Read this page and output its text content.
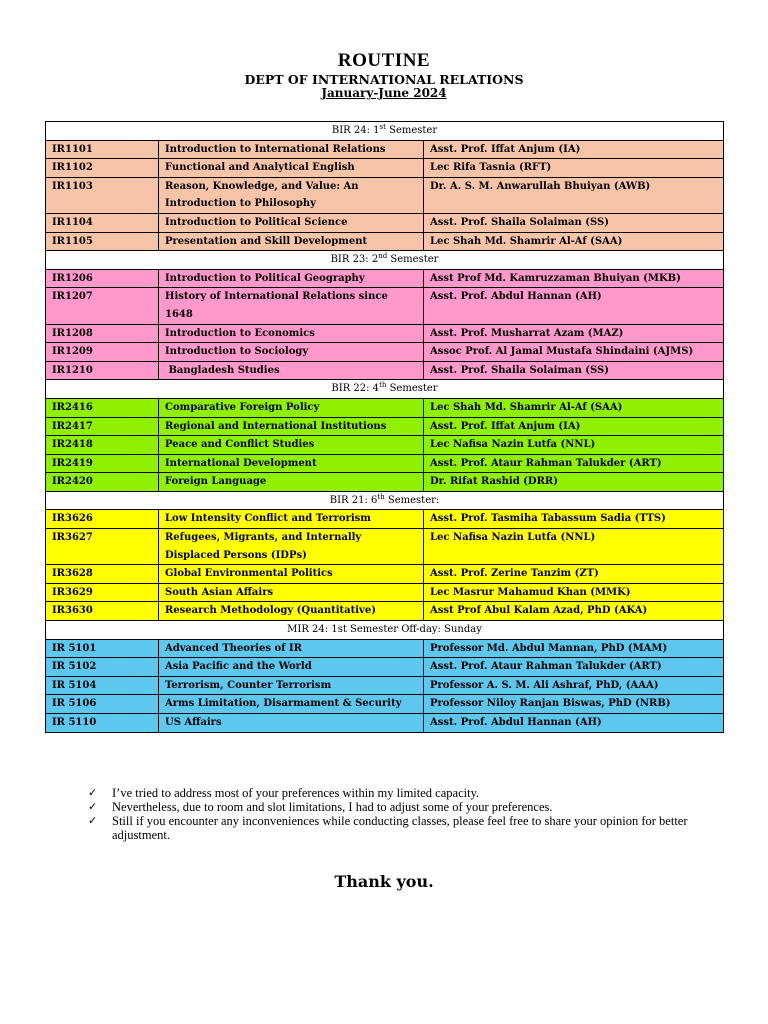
ROUTINE
DEPT OF INTERNATIONAL RELATIONS
January-June 2024
BIR 24: 1st Semester		
IR1101	Introduction to International Relations	Asst. Prof. Iffat Anjum (IA)
IR1102	Functional and Analytical English	Lec Rifa Tasnia (RFT)
IR1103	Reason, Knowledge, and Value: An Introduction to Philosophy	Dr. A. S. M. Anwarullah Bhuiyan (AWB)
IR1104	Introduction to Political Science	Asst. Prof. Shaila Solaiman (SS)
IR1105	Presentation and Skill Development	Lec Shah Md. Shamrir Al-Af (SAA)
BIR 23: 2nd Semester		
IR1206	Introduction to Political Geography	Asst Prof Md. Kamruzzaman Bhuiyan (MKB)
IR1207	History of International Relations since 1648	Asst. Prof. Abdul Hannan (AH)
IR1208	Introduction to Economics	Asst. Prof. Musharrat Azam (MAZ)
IR1209	Introduction to Sociology	Assoc Prof. Al Jamal Mustafa Shindaini (AJMS)
IR1210	Bangladesh Studies	Asst. Prof. Shaila Solaiman (SS)
BIR 22: 4th Semester		
IR2416	Comparative Foreign Policy	Lec Shah Md. Shamrir Al-Af (SAA)
IR2417	Regional and International Institutions	Asst. Prof. Iffat Anjum (IA)
IR2418	Peace and Conflict Studies	Lec Nafisa Nazin Lutfa (NNL)
IR2419	International Development	Asst. Prof. Ataur Rahman Talukder (ART)
IR2420	Foreign Language	Dr. Rifat Rashid (DRR)
BIR 21: 6th Semester:		
IR3626	Low Intensity Conflict and Terrorism	Asst. Prof. Tasmiha Tabassum Sadia (TTS)
IR3627	Refugees, Migrants, and Internally Displaced Persons (IDPs)	Lec Nafisa Nazin Lutfa (NNL)
IR3628	Global Environmental Politics	Asst. Prof. Zerine Tanzim (ZT)
IR3629	South Asian Affairs	Lec Masrur Mahamud Khan (MMK)
IR3630	Research Methodology (Quantitative)	Asst Prof Abul Kalam Azad, PhD (AKA)
MIR 24: 1st Semester Off-day: Sunday		
IR 5101	Advanced Theories of IR	Professor Md. Abdul Mannan, PhD (MAM)
IR 5102	Asia Pacific and the World	Asst. Prof. Ataur Rahman Talukder (ART)
IR 5104	Terrorism, Counter Terrorism	Professor A. S. M. Ali Ashraf, PhD, (AAA)
IR 5106	Arms Limitation, Disarmament & Security	Professor Niloy Ranjan Biswas, PhD (NRB)
IR 5110	US Affairs	Asst. Prof. Abdul Hannan (AH)
✓ I’ve tried to address most of your preferences within my limited capacity.
✓ Nevertheless, due to room and slot limitations, I had to adjust some of your preferences.
✓ Still if you encounter any inconveniences while conducting classes, please feel free to share your opinion for better adjustment.
Thank you.
